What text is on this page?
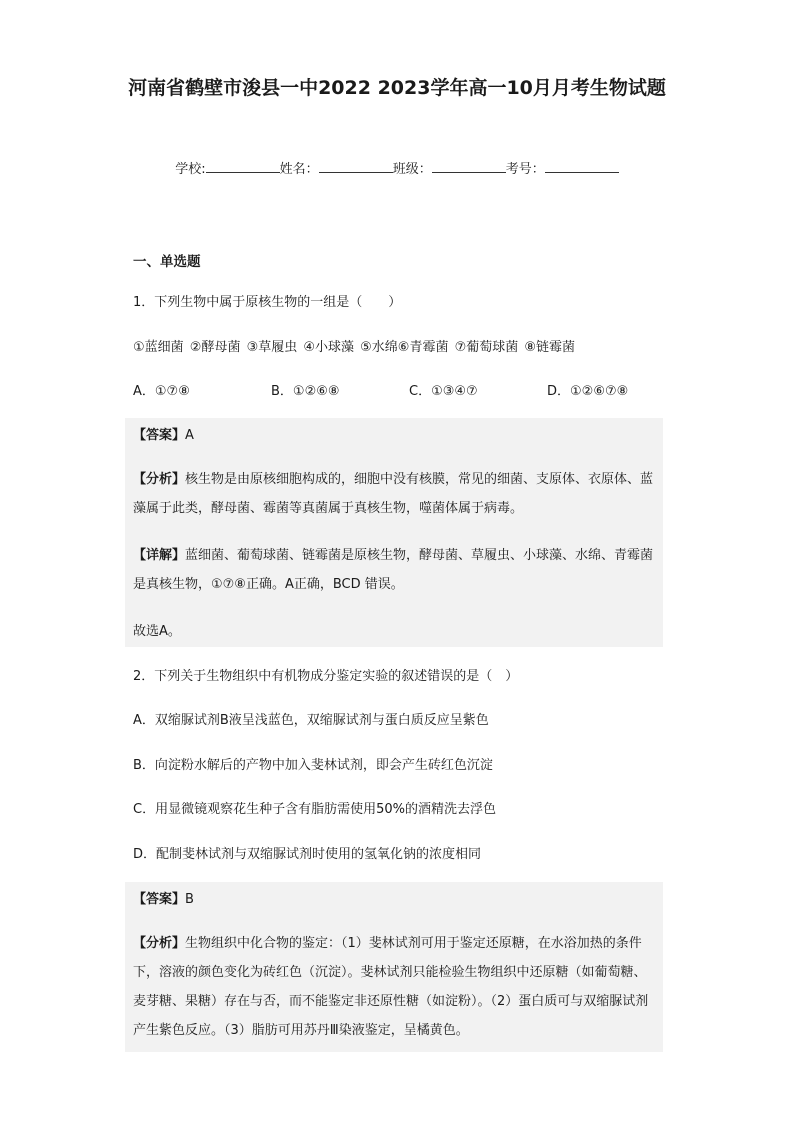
河南省鹤壁市浚县一中2022 2023学年高一10月月考生物试题
学校:	姓名：	班级：	考号：
一、单选题
1．下列生物中属于原核生物的一组是（　　）
①蓝细菌 ②酵母菌 ③草履虫 ④小球藻 ⑤水绵⑥青霉菌 ⑦葡萄球菌 ⑧链霉菌
A．①⑦⑧	B．①②⑥⑧	C．①③④⑦	D．①②⑥⑦⑧
【答案】A
【分析】核生物是由原核细胞构成的，细胞中没有核膜，常见的细菌、支原体、衣原体、蓝藻属于此类，酵母菌、霉菌等真菌属于真核生物，噬菌体属于病毒。
【详解】蓝细菌、葡萄球菌、链霉菌是原核生物，酵母菌、草履虫、小球藻、水绵、青霉菌是真核生物，①⑦⑧正确。A正确，BCD 错误。
故选A。
2．下列关于生物组织中有机物成分鉴定实验的叙述错误的是（　）
A．双缩脲试剂B液呈浅蓝色，双缩脲试剂与蛋白质反应呈紫色
B．向淀粉水解后的产物中加入斐林试剂，即会产生砖红色沉淀
C．用显微镜观察花生种子含有脂肪需使用50%的酒精洗去浮色
D．配制斐林试剂与双缩脲试剂时使用的氢氧化钠的浓度相同
【答案】B
【分析】生物组织中化合物的鉴定：（1）斐林试剂可用于鉴定还原糖，在水浴加热的条件下，溶液的颜色变化为砖红色（沉淀）。斐林试剂只能检验生物组织中还原糖（如葡萄糖、麦芽糖、果糖）存在与否，而不能鉴定非还原性糖（如淀粉）。（2）蛋白质可与双缩脲试剂产生紫色反应。（3）脂肪可用苏丹Ⅲ染液鉴定，呈橘黄色。
